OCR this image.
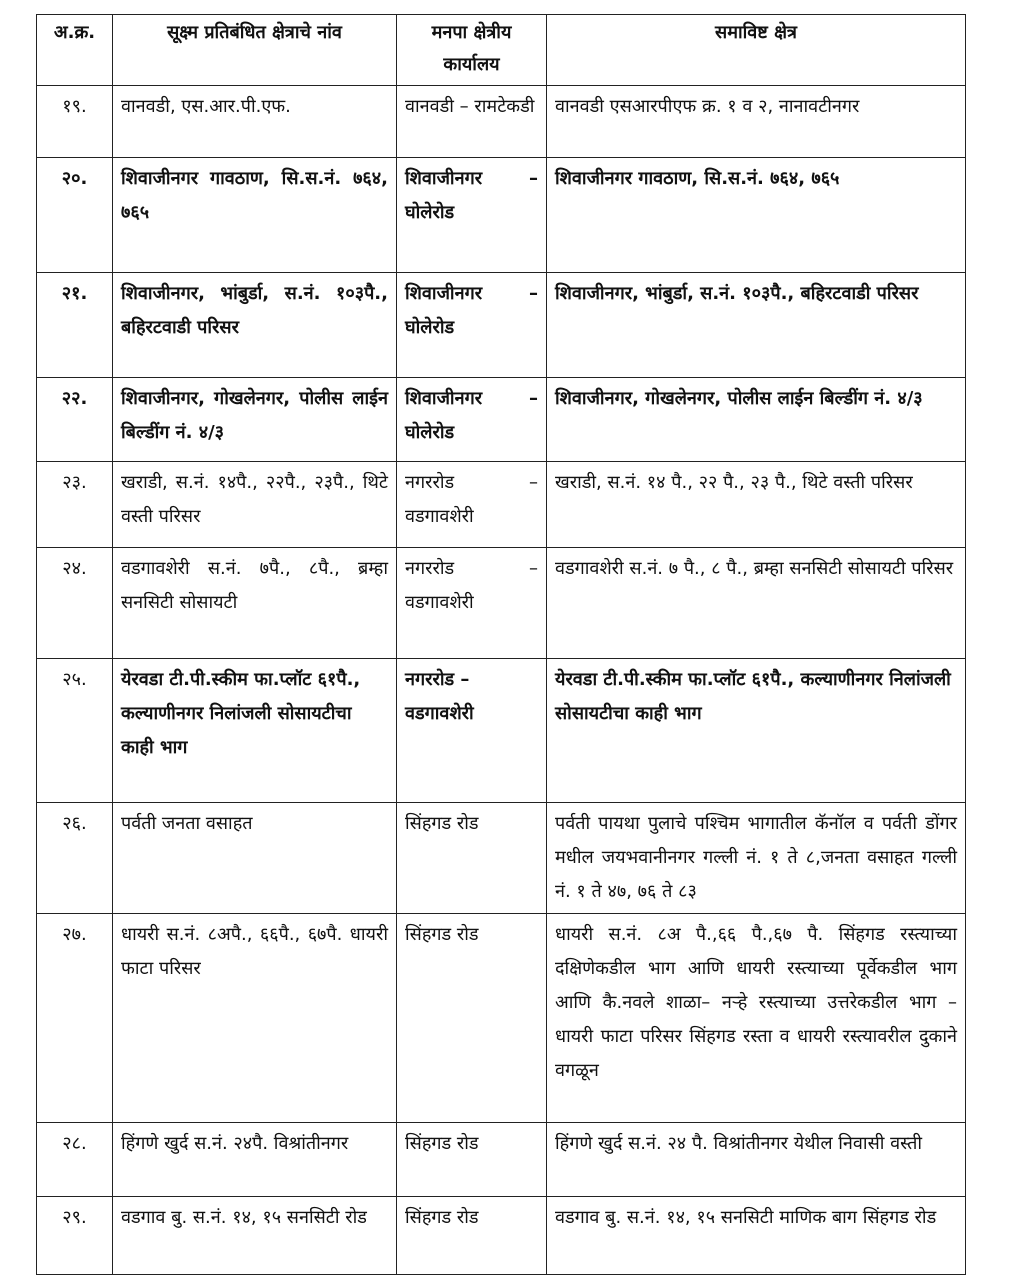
अ.क्र.	सूक्ष्म प्रतिबंधित क्षेत्राचे नांव	मनपा क्षेत्रीय कार्यालय	समाविष्ट क्षेत्र
१९.	वानवडी, एस.आर.पी.एफ.	वानवडी – रामटेकडी	वानवडी एसआरपीएफ क्र. १ व २, नानावटीनगर
२०.	शिवाजीनगर गावठाण, सि.स.नं. ७६४, ७६५	शिवाजीनगर – घोलेरोड	शिवाजीनगर गावठाण, सि.स.नं. ७६४, ७६५
२१.	शिवाजीनगर, भांबुर्डा, स.नं. १०३पै., बहिरटवाडी परिसर	शिवाजीनगर – घोलेरोड	शिवाजीनगर, भांबुर्डा, स.नं. १०३पै., बहिरटवाडी परिसर
२२.	शिवाजीनगर, गोखलेनगर, पोलीस लाईन बिल्डींग नं. ४/३	शिवाजीनगर – घोलेरोड	शिवाजीनगर, गोखलेनगर, पोलीस लाईन बिल्डींग नं. ४/३
२३.	खराडी, स.नं. १४पै., २२पै., २३पै., थिटे वस्ती परिसर	नगररोड – वडगावशेरी	खराडी, स.नं. १४ पै., २२ पै., २३ पै., थिटे वस्ती परिसर
२४.	वडगावशेरी स.नं. ७पै., ८पै., ब्रम्हा सनसिटी सोसायटी	नगररोड – वडगावशेरी	वडगावशेरी स.नं. ७ पै., ८ पै., ब्रम्हा सनसिटी सोसायटी परिसर
२५.	येरवडा टी.पी.स्कीम फा.प्लॉट ६१पै., कल्याणीनगर निलांजली सोसायटीचा काही भाग	नगररोड – वडगावशेरी	येरवडा टी.पी.स्कीम फा.प्लॉट ६१पै., कल्याणीनगर निलांजली सोसायटीचा काही भाग
२६.	पर्वती जनता वसाहत	सिंहगड रोड	पर्वती पायथा पुलाचे पश्चिम भागातील कॅनॉल व पर्वती डोंगर मधील जयभवानीनगर गल्ली नं. १ ते ८,जनता वसाहत गल्ली नं. १ ते ४७, ७६ ते ८३
२७.	धायरी स.नं. ८अपै., ६६पै., ६७पै. धायरी फाटा परिसर	सिंहगड रोड	धायरी स.नं. ८अ पै.,६६ पै.,६७ पै. सिंहगड रस्त्याच्या दक्षिणेकडील भाग आणि धायरी रस्त्याच्या पूर्वेकडील भाग आणि कै.नवले शाळा– नऱ्हे रस्त्याच्या उत्तरेकडील भाग – धायरी फाटा परिसर सिंहगड रस्ता व धायरी रस्त्यावरील दुकाने वगळून
२८.	हिंगणे खुर्द स.नं. २४पै. विश्रांतीनगर	सिंहगड रोड	हिंगणे खुर्द स.नं. २४ पै. विश्रांतीनगर येथील निवासी वस्ती
२९.	वडगाव बु. स.नं. १४, १५ सनसिटी रोड	सिंहगड रोड	वडगाव बु. स.नं. १४, १५ सनसिटी माणिक बाग सिंहगड रोड
